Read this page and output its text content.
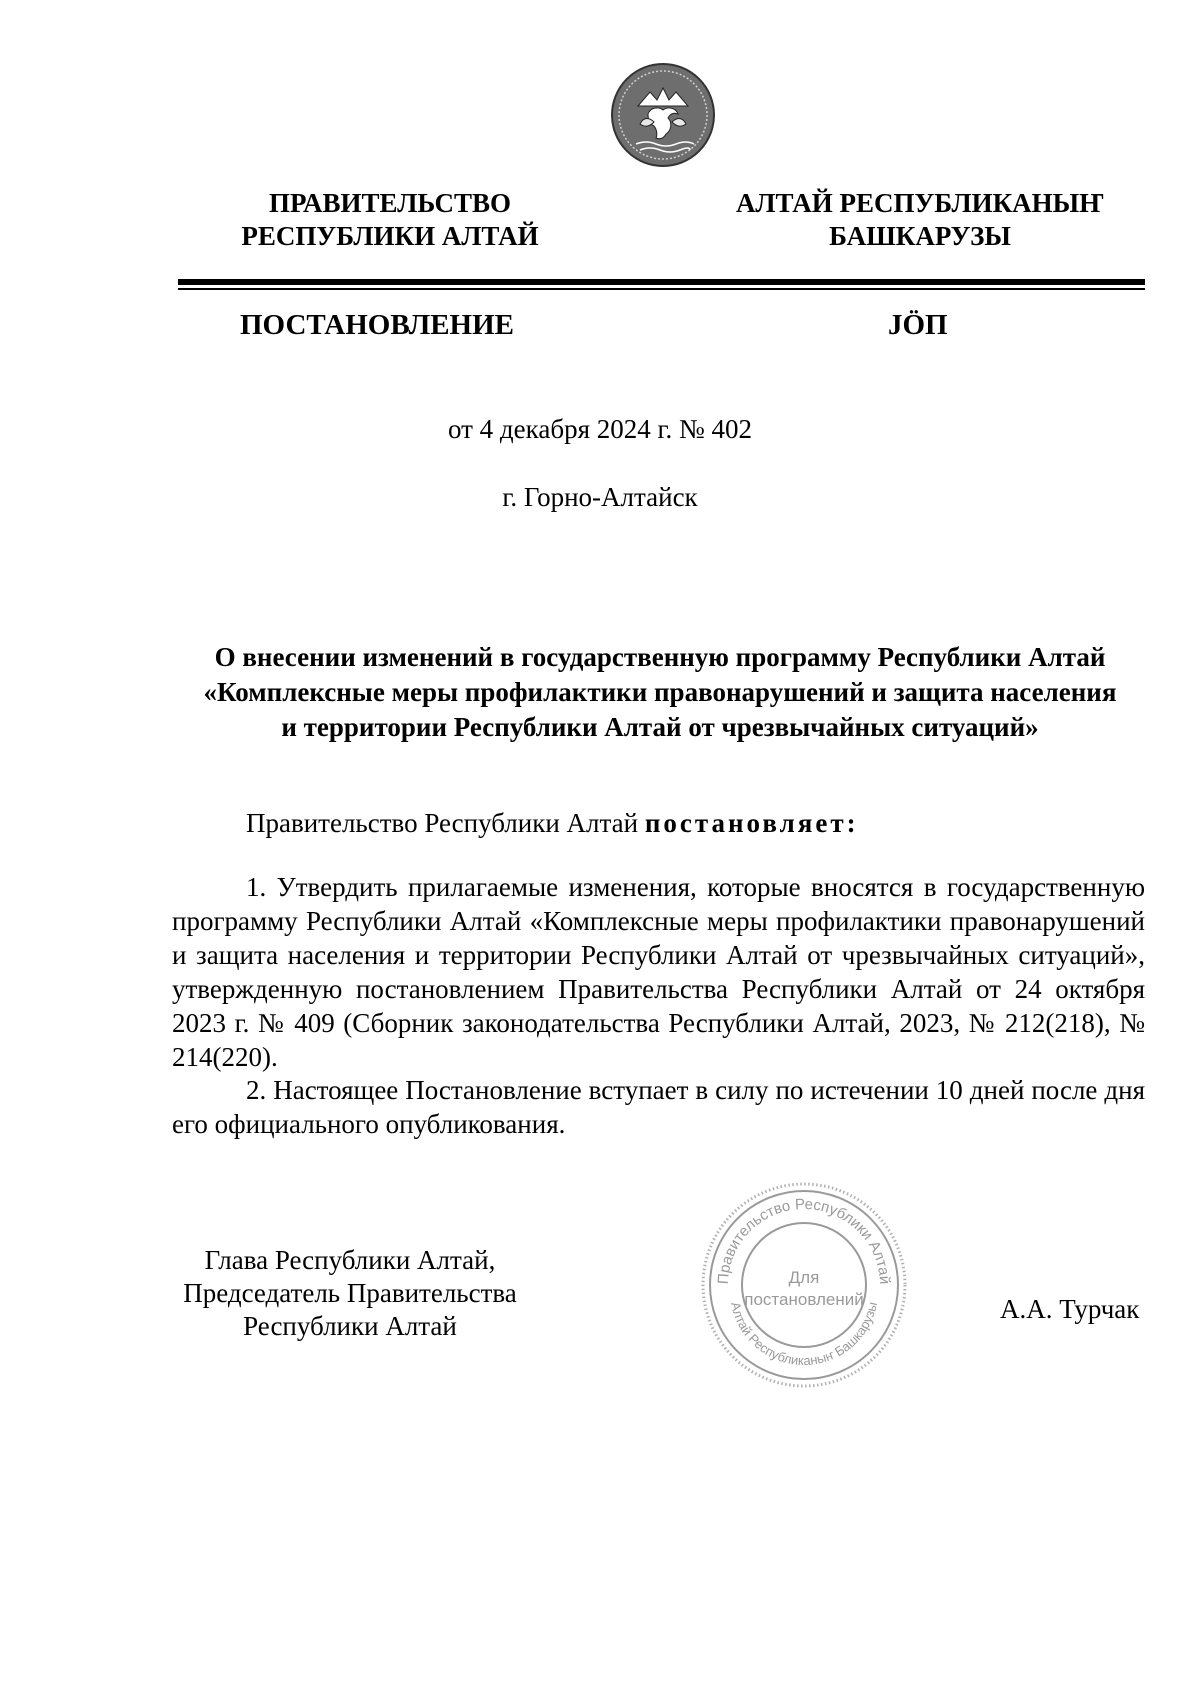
ПРАВИТЕЛЬСТВО
РЕСПУБЛИКИ АЛТАЙ
АЛТАЙ РЕСПУБЛИКАНЫҤ
БАШКАРУЗЫ
ПОСТАНОВЛЕНИЕ	JÖП
от 4 декабря 2024 г. № 402
г. Горно-Алтайск
О внесении изменений в государственную программу Республики Алтай
«Комплексные меры профилактики правонарушений и защита населения
и территории Республики Алтай от чрезвычайных ситуаций»
Правительство Республики Алтай постановляет:
1. Утвердить прилагаемые изменения, которые вносятся в государственную программу Республики Алтай «Комплексные меры профилактики правонарушений и защита населения и территории Республики Алтай от чрезвычайных ситуаций», утвержденную постановлением Правительства Республики Алтай от 24 октября 2023 г. № 409 (Сборник законодательства Республики Алтай, 2023, № 212(218), № 214(220).
2. Настоящее Постановление вступает в силу по истечении 10 дней после дня его официального опубликования.
Глава Республики Алтай,
Председатель Правительства
Республики Алтай
Правительство Республики Алтай
Алтай Республиканыҥ Башкарузы
Для
постановлений	А.А. Турчак
